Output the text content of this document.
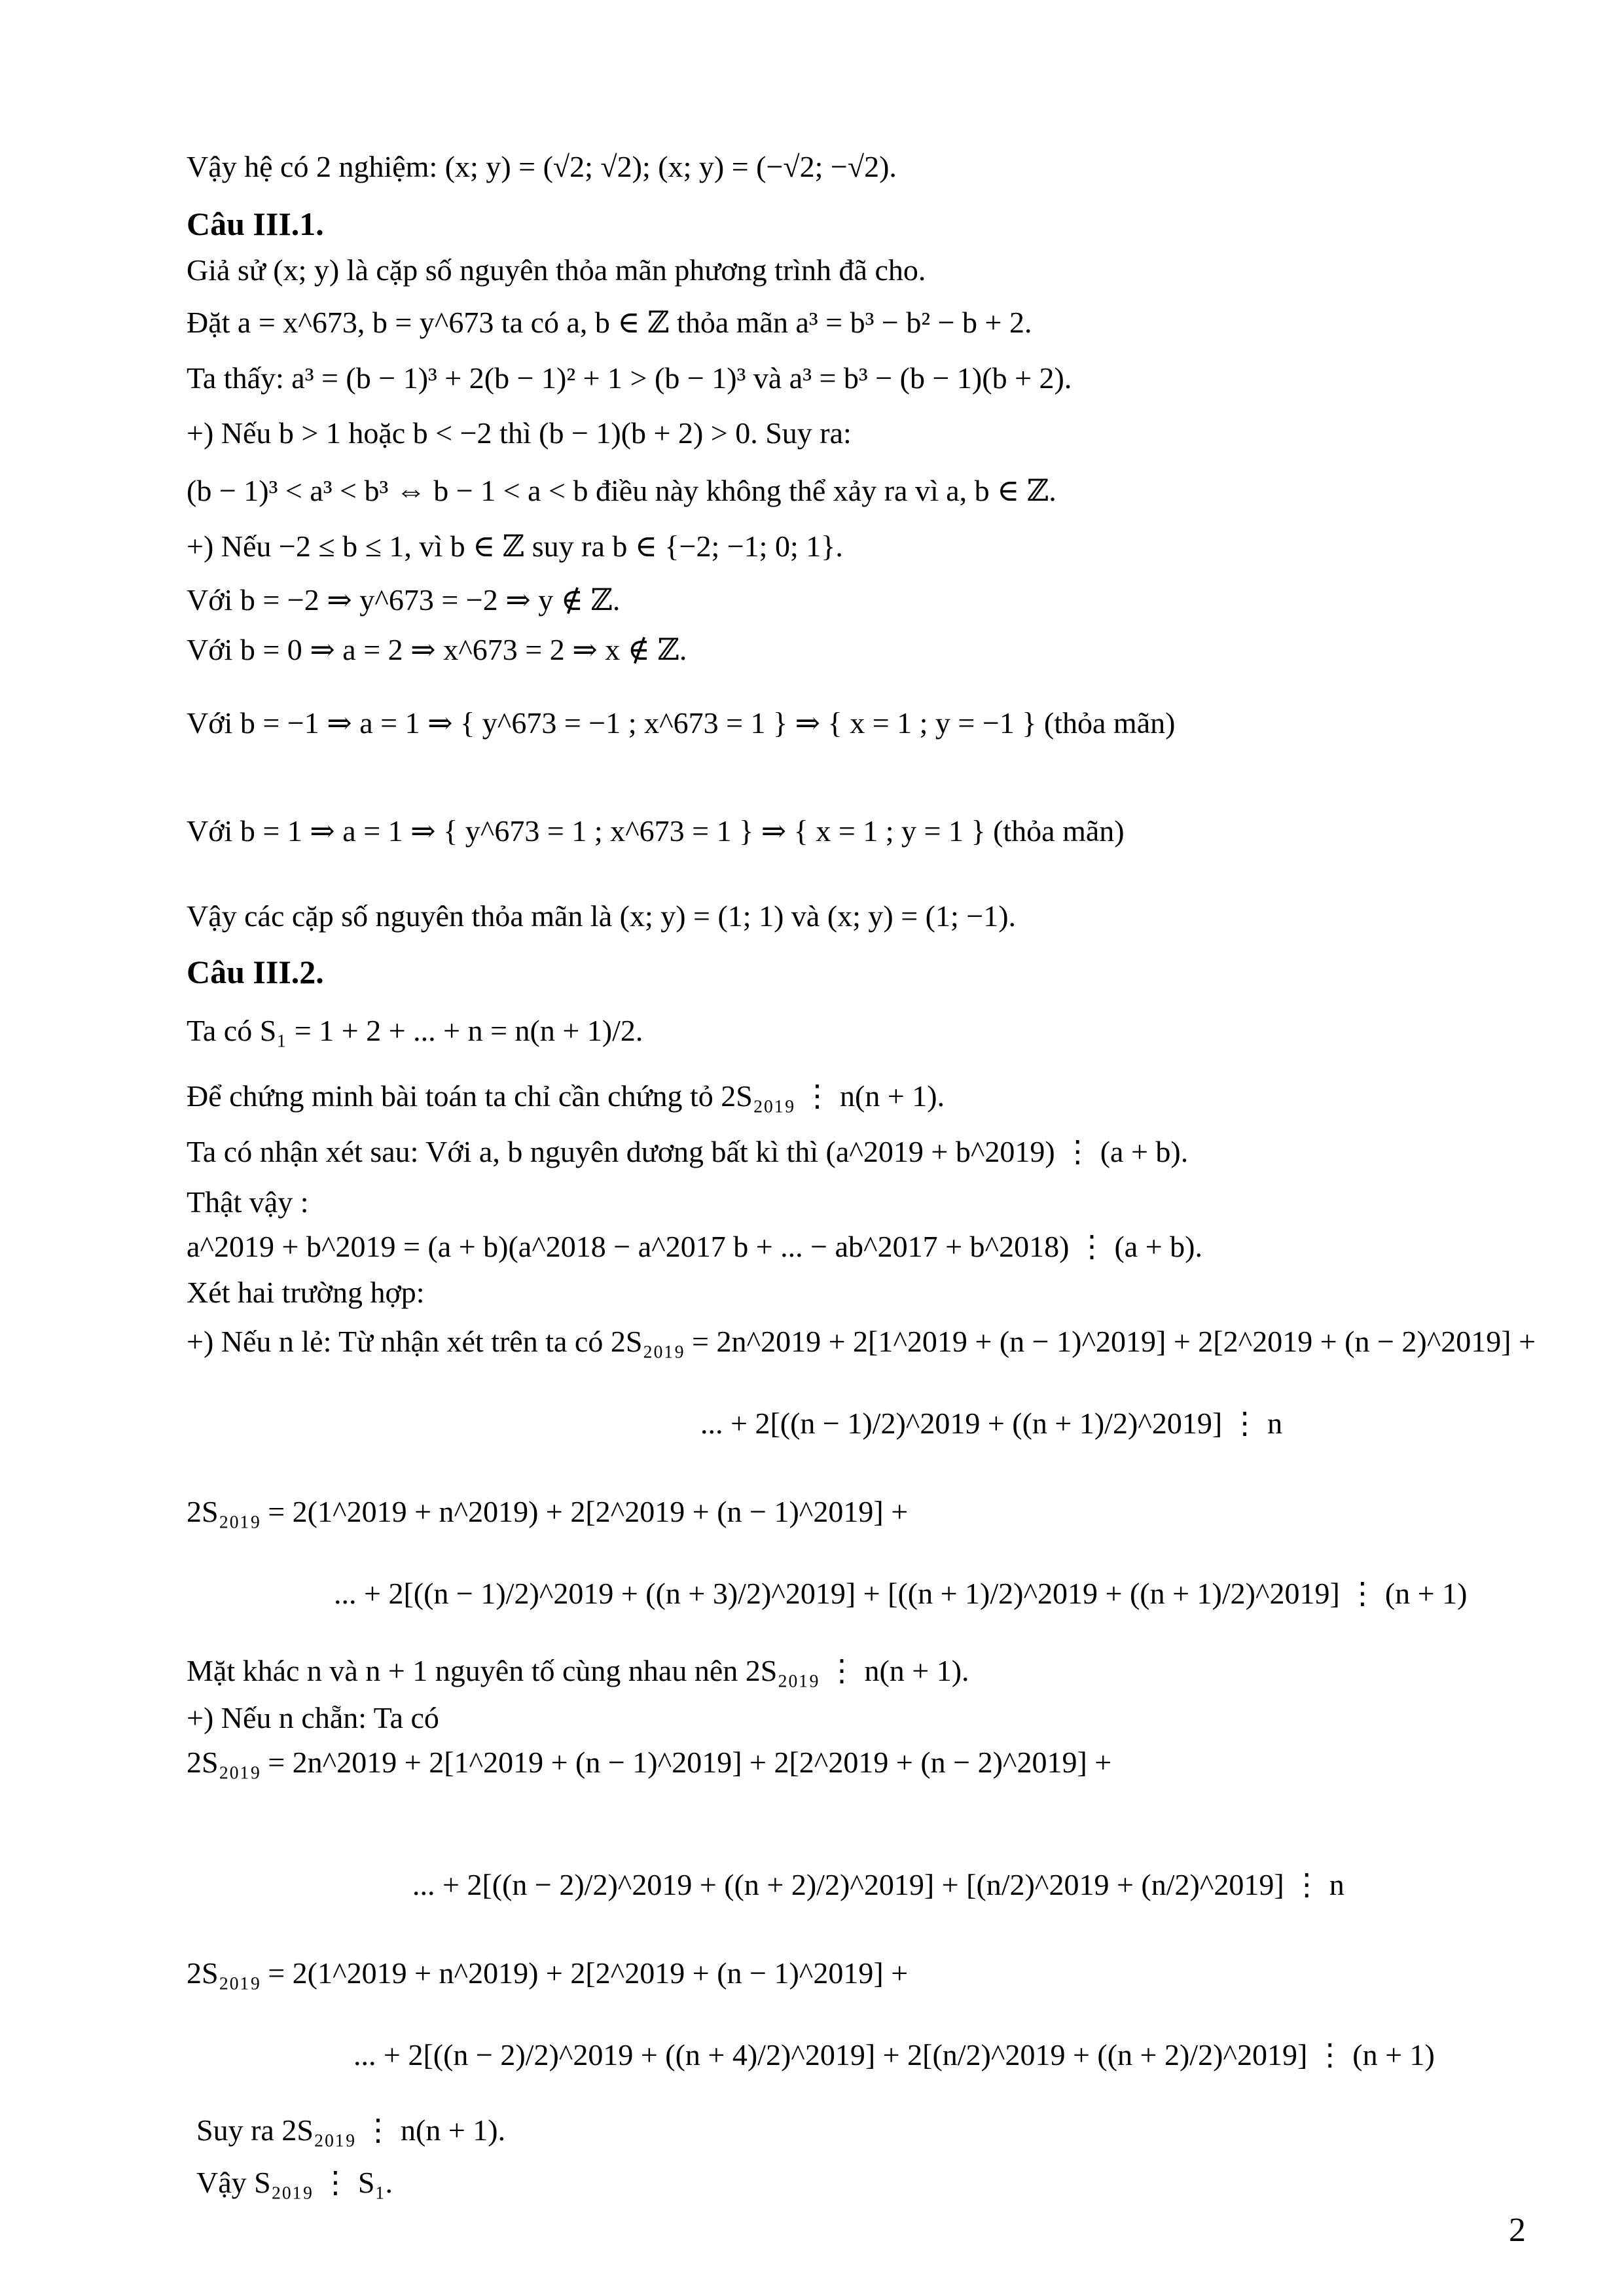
Vậy hệ có 2 nghiệm: (x; y) = (√2; √2); (x; y) = (−√2; −√2).
Câu III.1.
Giả sử (x; y) là cặp số nguyên thỏa mãn phương trình đã cho.
Đặt a = x^673, b = y^673 ta có a, b ∈ ℤ thỏa mãn a³ = b³ − b² − b + 2.
Ta thấy: a³ = (b − 1)³ + 2(b − 1)² + 1 > (b − 1)³ và a³ = b³ − (b − 1)(b + 2).
+) Nếu b > 1 hoặc b < −2 thì (b − 1)(b + 2) > 0. Suy ra:
(b − 1)³ < a³ < b³ ⇔ b − 1 < a < b điều này không thể xảy ra vì a, b ∈ ℤ.
+) Nếu −2 ≤ b ≤ 1, vì b ∈ ℤ suy ra b ∈ {−2; −1; 0; 1}.
Với b = −2 ⇒ y^673 = −2 ⇒ y ∉ ℤ.
Với b = 0 ⇒ a = 2 ⇒ x^673 = 2 ⇒ x ∉ ℤ.
Với b = −1 ⇒ a = 1 ⇒ { y^673 = −1 ; x^673 = 1 } ⇒ { x = 1 ; y = −1 } (thỏa mãn)
Với b = 1 ⇒ a = 1 ⇒ { y^673 = 1 ; x^673 = 1 } ⇒ { x = 1 ; y = 1 } (thỏa mãn)
Vậy các cặp số nguyên thỏa mãn là (x; y) = (1; 1) và (x; y) = (1; −1).
Câu III.2.
Ta có S₁ = 1 + 2 + ... + n = n(n + 1)/2.
Để chứng minh bài toán ta chỉ cần chứng tỏ 2S₂₀₁₉ ⋮ n(n + 1).
Ta có nhận xét sau: Với a, b nguyên dương bất kì thì (a^2019 + b^2019) ⋮ (a + b).
Thật vậy :
a^2019 + b^2019 = (a + b)(a^2018 − a^2017 b + ... − ab^2017 + b^2018) ⋮ (a + b).
Xét hai trường hợp:
+) Nếu n lẻ: Từ nhận xét trên ta có 2S₂₀₁₉ = 2n^2019 + 2[1^2019 + (n − 1)^2019] + 2[2^2019 + (n − 2)^2019] +
... + 2[((n − 1)/2)^2019 + ((n + 1)/2)^2019] ⋮ n
2S₂₀₁₉ = 2(1^2019 + n^2019) + 2[2^2019 + (n − 1)^2019] +
... + 2[((n − 1)/2)^2019 + ((n + 3)/2)^2019] + [((n + 1)/2)^2019 + ((n + 1)/2)^2019] ⋮ (n + 1)
Mặt khác n và n + 1 nguyên tố cùng nhau nên 2S₂₀₁₉ ⋮ n(n + 1).
+) Nếu n chẵn: Ta có
2S₂₀₁₉ = 2n^2019 + 2[1^2019 + (n − 1)^2019] + 2[2^2019 + (n − 2)^2019] +
... + 2[((n − 2)/2)^2019 + ((n + 2)/2)^2019] + [(n/2)^2019 + (n/2)^2019] ⋮ n
2S₂₀₁₉ = 2(1^2019 + n^2019) + 2[2^2019 + (n − 1)^2019] +
... + 2[((n − 2)/2)^2019 + ((n + 4)/2)^2019] + 2[(n/2)^2019 + ((n + 2)/2)^2019] ⋮ (n + 1)
Suy ra 2S₂₀₁₉ ⋮ n(n + 1).
Vậy S₂₀₁₉ ⋮ S₁.
2
